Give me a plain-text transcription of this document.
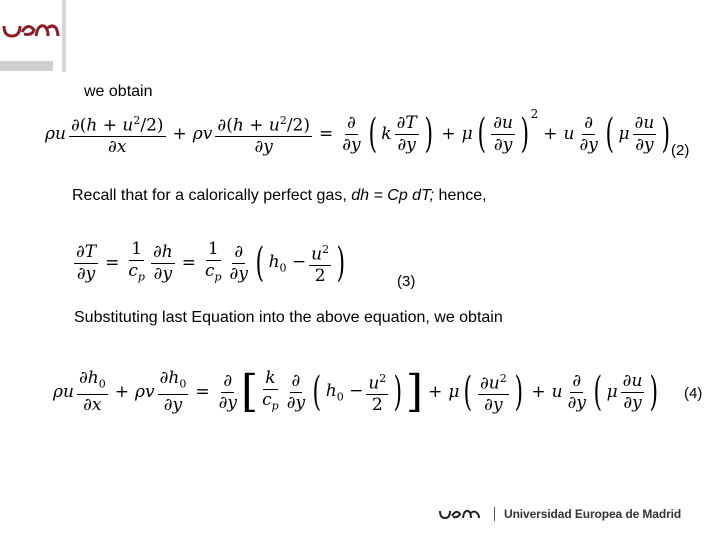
we obtain
ρu $\frac{\partial(h + u^2/2)}{\partial x} + \rho v \frac{\partial(h + u^2/2)}{\partial y} = \frac{\partial}{\partial y}$ ( k $\frac{\partial T}{\partial y}$ ) + μ ( $\frac{\partial u}{\partial y}$ ) 2
+ u $\frac{\partial}{\partial y}$ ( μ $\frac{\partial u}{\partial y}$ ) (2)
Recall that for a calorically perfect gas, dh = Cp dT; hence,
$\frac{\partial T}{\partial y} = \frac{1}{c_p} \frac{\partial h}{\partial y} = \frac{1}{c_p} \frac{\partial}{\partial y}$ ( $h_0 - \frac{u^2}{2}$ )	(3)
Substituting last Equation into the above equation, we obtain
ρu $\frac{\partial h_0}{\partial x} + \rho v \frac{\partial h_0}{\partial y} = \frac{\partial}{\partial y}$ [ $\frac{k}{c_p} \frac{\partial}{\partial y}$ ( $h_0 - \frac{u^2}{2}$ ) ] + μ ( $\frac{\partial u^2}{\partial y}$ ) + u $\frac{\partial}{\partial y}$ ( μ $\frac{\partial u}{\partial y}$ ) (4)
Universidad Europea de Madrid
